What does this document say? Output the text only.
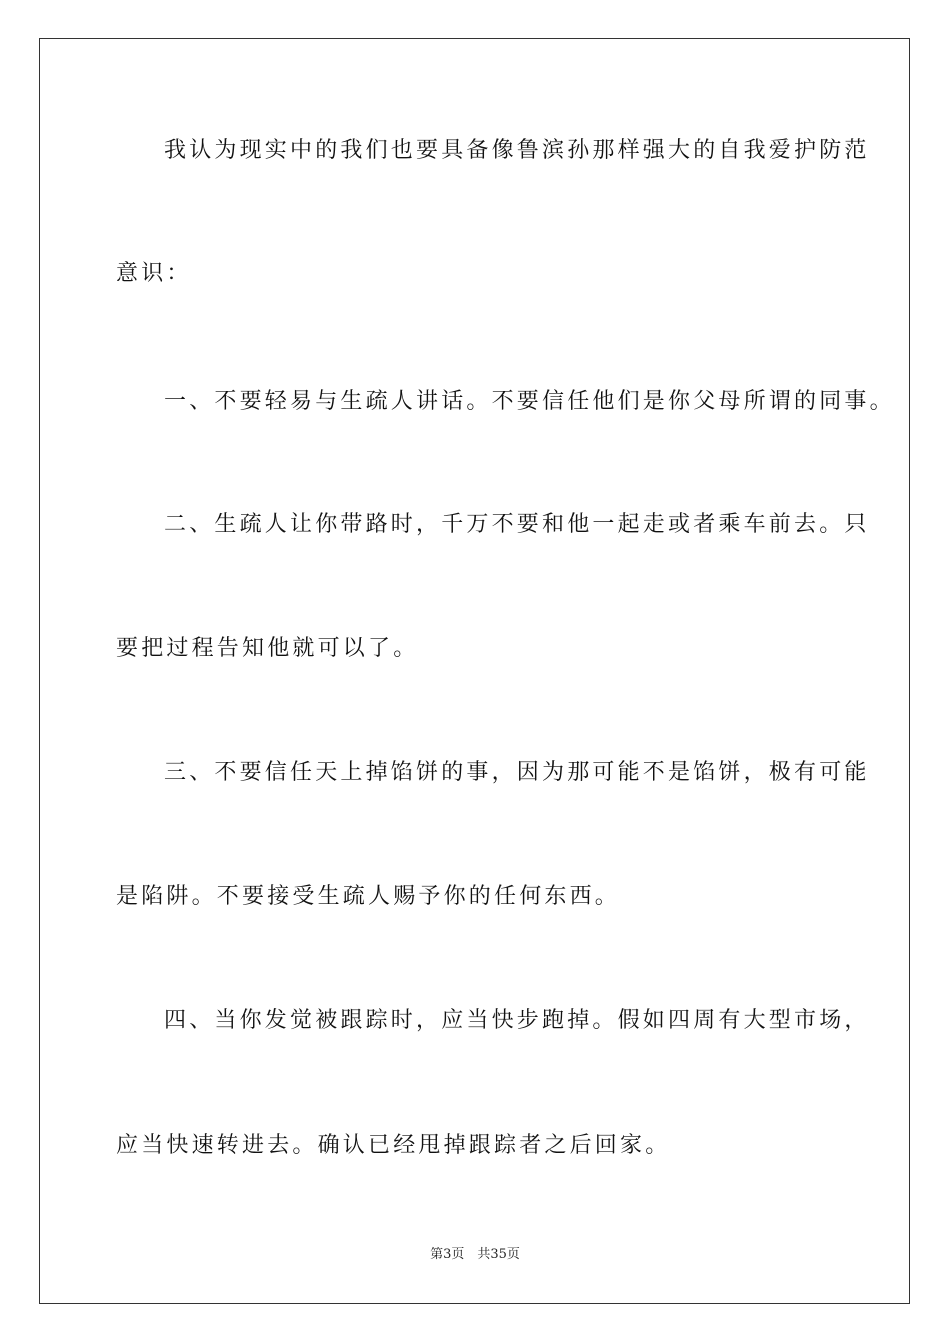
我认为现实中的我们也要具备像鲁滨孙那样强大的自我爱护防范
意识：
一、不要轻易与生疏人讲话。不要信任他们是你父母所谓的同事。
二、生疏人让你带路时，千万不要和他一起走或者乘车前去。只
要把过程告知他就可以了。
三、不要信任天上掉馅饼的事，因为那可能不是馅饼，极有可能
是陷阱。不要接受生疏人赐予你的任何东西。
四、当你发觉被跟踪时，应当快步跑掉。假如四周有大型市场，
应当快速转进去。确认已经甩掉跟踪者之后回家。
第3页　共35页
